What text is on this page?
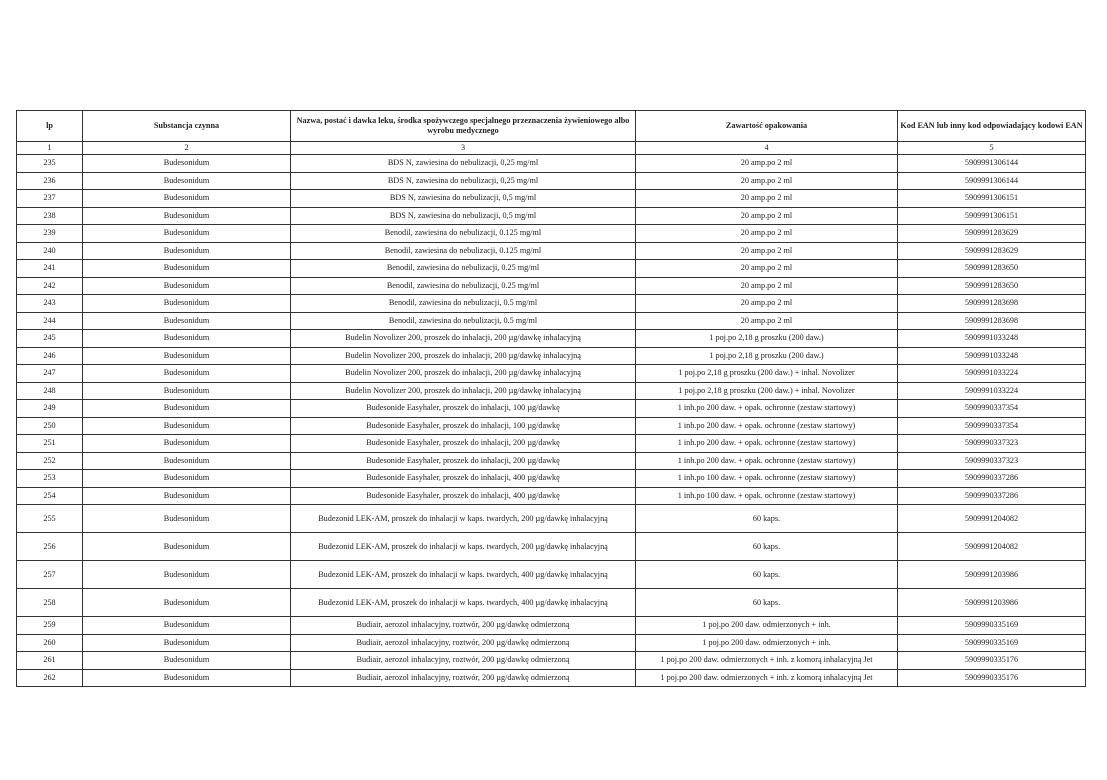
lp	Substancja czynna	Nazwa, postać i dawka leku, środka spożywczego specjalnego przeznaczenia żywieniowego albo wyrobu medycznego	Zawartość opakowania	Kod EAN lub inny kod odpowiadający kodowi EAN
1	2	3	4	5
235	Budesonidum	BDS N, zawiesina do nebulizacji, 0,25 mg/ml	20 amp.po 2 ml	5909991306144
236	Budesonidum	BDS N, zawiesina do nebulizacji, 0,25 mg/ml	20 amp.po 2 ml	5909991306144
237	Budesonidum	BDS N, zawiesina do nebulizacji, 0,5 mg/ml	20 amp.po 2 ml	5909991306151
238	Budesonidum	BDS N, zawiesina do nebulizacji, 0,5 mg/ml	20 amp.po 2 ml	5909991306151
239	Budesonidum	Benodil, zawiesina do nebulizacji, 0.125 mg/ml	20 amp.po 2 ml	5909991283629
240	Budesonidum	Benodil, zawiesina do nebulizacji, 0.125 mg/ml	20 amp.po 2 ml	5909991283629
241	Budesonidum	Benodil, zawiesina do nebulizacji, 0.25 mg/ml	20 amp.po 2 ml	5909991283650
242	Budesonidum	Benodil, zawiesina do nebulizacji, 0.25 mg/ml	20 amp.po 2 ml	5909991283650
243	Budesonidum	Benodil, zawiesina do nebulizacji, 0.5 mg/ml	20 amp.po 2 ml	5909991283698
244	Budesonidum	Benodil, zawiesina do nebulizacji, 0.5 mg/ml	20 amp.po 2 ml	5909991283698
245	Budesonidum	Budelin Novolizer 200, proszek do inhalacji, 200 µg/dawkę inhalacyjną	1 poj.po 2,18 g proszku (200 daw.)	5909991033248
246	Budesonidum	Budelin Novolizer 200, proszek do inhalacji, 200 µg/dawkę inhalacyjną	1 poj.po 2,18 g proszku (200 daw.)	5909991033248
247	Budesonidum	Budelin Novolizer 200, proszek do inhalacji, 200 µg/dawkę inhalacyjną	1 poj.po 2,18 g proszku (200 daw.) + inhal. Novolizer	5909991033224
248	Budesonidum	Budelin Novolizer 200, proszek do inhalacji, 200 µg/dawkę inhalacyjną	1 poj.po 2,18 g proszku (200 daw.) + inhal. Novolizer	5909991033224
249	Budesonidum	Budesonide Easyhaler, proszek do inhalacji, 100 µg/dawkę	1 inh.po 200 daw. + opak. ochronne (zestaw startowy)	5909990337354
250	Budesonidum	Budesonide Easyhaler, proszek do inhalacji, 100 µg/dawkę	1 inh.po 200 daw. + opak. ochronne (zestaw startowy)	5909990337354
251	Budesonidum	Budesonide Easyhaler, proszek do inhalacji, 200 µg/dawkę	1 inh.po 200 daw. + opak. ochronne (zestaw startowy)	5909990337323
252	Budesonidum	Budesonide Easyhaler, proszek do inhalacji, 200 µg/dawkę	1 inh.po 200 daw. + opak. ochronne (zestaw startowy)	5909990337323
253	Budesonidum	Budesonide Easyhaler, proszek do inhalacji, 400 µg/dawkę	1 inh.po 100 daw. + opak. ochronne (zestaw startowy)	5909990337286
254	Budesonidum	Budesonide Easyhaler, proszek do inhalacji, 400 µg/dawkę	1 inh.po 100 daw. + opak. ochronne (zestaw startowy)	5909990337286
255	Budesonidum	Budezonid LEK-AM, proszek do inhalacji w kaps. twardych, 200 µg/dawkę inhalacyjną	60 kaps.	5909991204082
256	Budesonidum	Budezonid LEK-AM, proszek do inhalacji w kaps. twardych, 200 µg/dawkę inhalacyjną	60 kaps.	5909991204082
257	Budesonidum	Budezonid LEK-AM, proszek do inhalacji w kaps. twardych, 400 µg/dawkę inhalacyjną	60 kaps.	5909991203986
258	Budesonidum	Budezonid LEK-AM, proszek do inhalacji w kaps. twardych, 400 µg/dawkę inhalacyjną	60 kaps.	5909991203986
259	Budesonidum	Budiair, aerozol inhalacyjny, roztwór, 200 µg/dawkę odmierzoną	1 poj.po 200 daw. odmierzonych + inh.	5909990335169
260	Budesonidum	Budiair, aerozol inhalacyjny, roztwór, 200 µg/dawkę odmierzoną	1 poj.po 200 daw. odmierzonych + inh.	5909990335169
261	Budesonidum	Budiair, aerozol inhalacyjny, roztwór, 200 µg/dawkę odmierzoną	1 poj.po 200 daw. odmierzonych + inh. z komorą inhalacyjną Jet	5909990335176
262	Budesonidum	Budiair, aerozol inhalacyjny, roztwór, 200 µg/dawkę odmierzoną	1 poj.po 200 daw. odmierzonych + inh. z komorą inhalacyjną Jet	5909990335176
